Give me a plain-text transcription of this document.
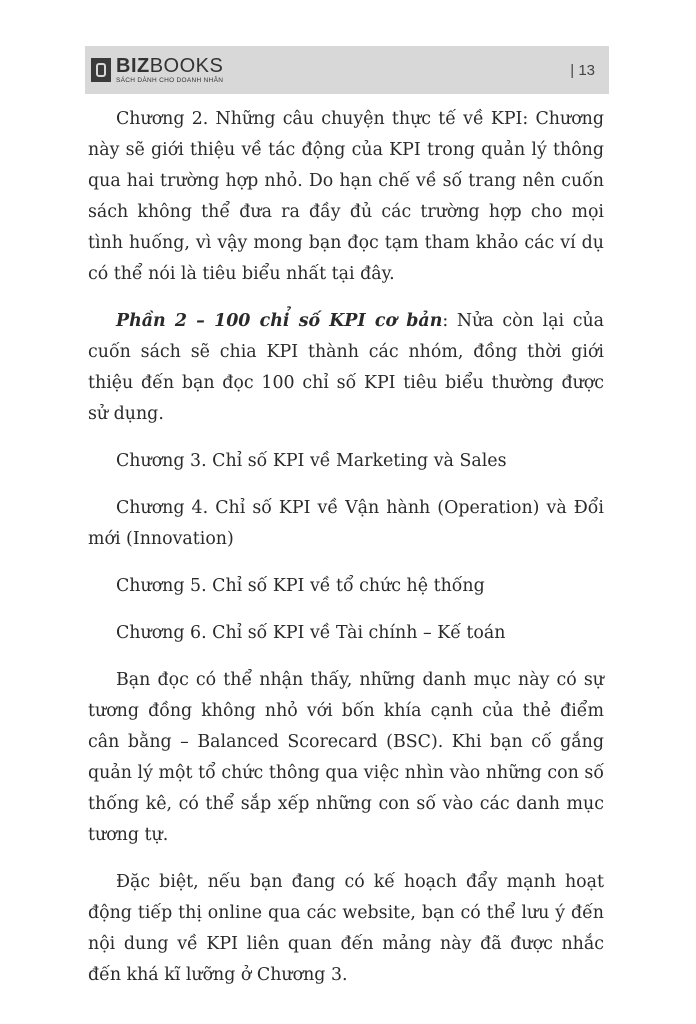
BIZBOOKS
SÁCH DÀNH CHO DOANH NHÂN
| 13

Chương 2. Những câu chuyện thực tế về KPI: Chương này sẽ giới thiệu về tác động của KPI trong quản lý thông qua hai trường hợp nhỏ. Do hạn chế về số trang nên cuốn sách không thể đưa ra đầy đủ các trường hợp cho mọi tình huống, vì vậy mong bạn đọc tạm tham khảo các ví dụ có thể nói là tiêu biểu nhất tại đây.

Phần 2 – 100 chỉ số KPI cơ bản: Nửa còn lại của cuốn sách sẽ chia KPI thành các nhóm, đồng thời giới thiệu đến bạn đọc 100 chỉ số KPI tiêu biểu thường được sử dụng.

Chương 3. Chỉ số KPI về Marketing và Sales

Chương 4. Chỉ số KPI về Vận hành (Operation) và Đổi mới (Innovation)

Chương 5. Chỉ số KPI về tổ chức hệ thống

Chương 6. Chỉ số KPI về Tài chính – Kế toán

Bạn đọc có thể nhận thấy, những danh mục này có sự tương đồng không nhỏ với bốn khía cạnh của thẻ điểm cân bằng – Balanced Scorecard (BSC). Khi bạn cố gắng quản lý một tổ chức thông qua việc nhìn vào những con số thống kê, có thể sắp xếp những con số vào các danh mục tương tự.

Đặc biệt, nếu bạn đang có kế hoạch đẩy mạnh hoạt động tiếp thị online qua các website, bạn có thể lưu ý đến nội dung về KPI liên quan đến mảng này đã được nhắc đến khá kĩ lưỡng ở Chương 3.
